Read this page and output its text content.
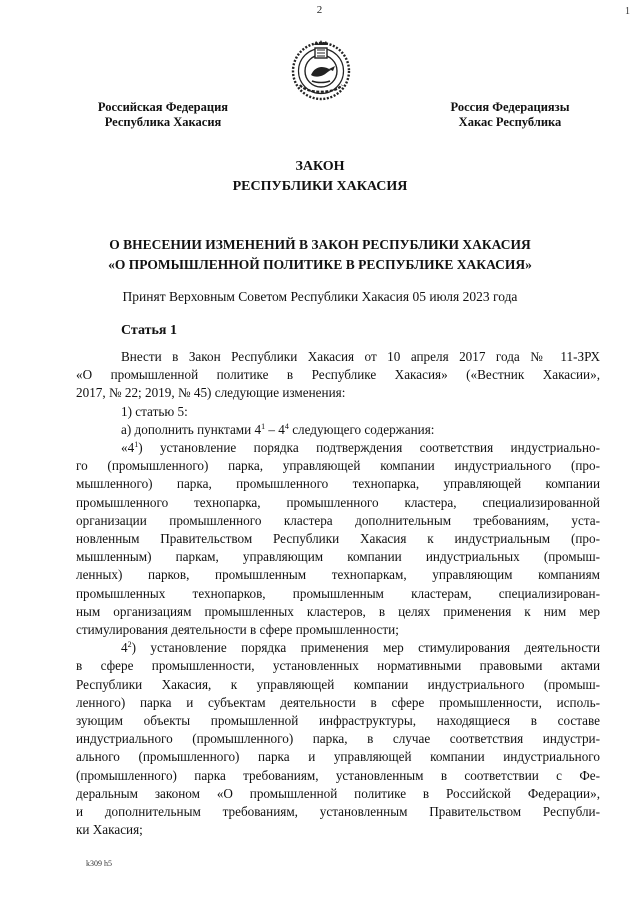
2	1
Российская Федерация
Республика Хакасия
Россия Федерациязы
Хакас Республика
ЗАКОН
РЕСПУБЛИКИ ХАКАСИЯ
О ВНЕСЕНИИ ИЗМЕНЕНИЙ В ЗАКОН РЕСПУБЛИКИ ХАКАСИЯ
«О ПРОМЫШЛЕННОЙ ПОЛИТИКЕ В РЕСПУБЛИКЕ ХАКАСИЯ»
Принят Верховным Советом Республики Хакасия 05 июля 2023 года
Статья 1

Внести в Закон Республики Хакасия от 10 апреля 2017 года № 11-ЗРХ

«О промышленной политике в Республике Хакасия» («Вестник Хакасии»,

2017, № 22; 2019, № 45) следующие изменения:

1) статью 5:

а) дополнить пунктами $4^1 - 4^4$ следующего содержания:

«$4^1$) установление порядка подтверждения соответствия индустриально-

го (промышленного) парка, управляющей компании индустриального (про-

мышленного) парка, промышленного технопарка, управляющей компании

промышленного технопарка, промышленного кластера, специализированной

организации промышленного кластера дополнительным требованиям, уста-

новленным Правительством Республики Хакасия к индустриальным (про-

мышленным) паркам, управляющим компании индустриальных (промыш-

ленных) парков, промышленным технопаркам, управляющим компаниям

промышленных технопарков, промышленным кластерам, специализирован-

ным организациям промышленных кластеров, в целях применения к ним мер

стимулирования деятельности в сфере промышленности;

$4^2$) установление порядка применения мер стимулирования деятельности

в сфере промышленности, установленных нормативными правовыми актами

Республики Хакасия, к управляющей компании индустриального (промыш-

ленного) парка и субъектам деятельности в сфере промышленности, исполь-

зующим объекты промышленной инфраструктуры, находящиеся в составе

индустриального (промышленного) парка, в случае соответствия индустри-

ального (промышленного) парка и управляющей компании индустриального

(промышленного) парка требованиям, установленным в соответствии с Фе-

деральным законом «О промышленной политике в Российской Федерации»,

и дополнительным требованиям, установленным Правительством Республи-

ки Хакасия;

k309 h5
